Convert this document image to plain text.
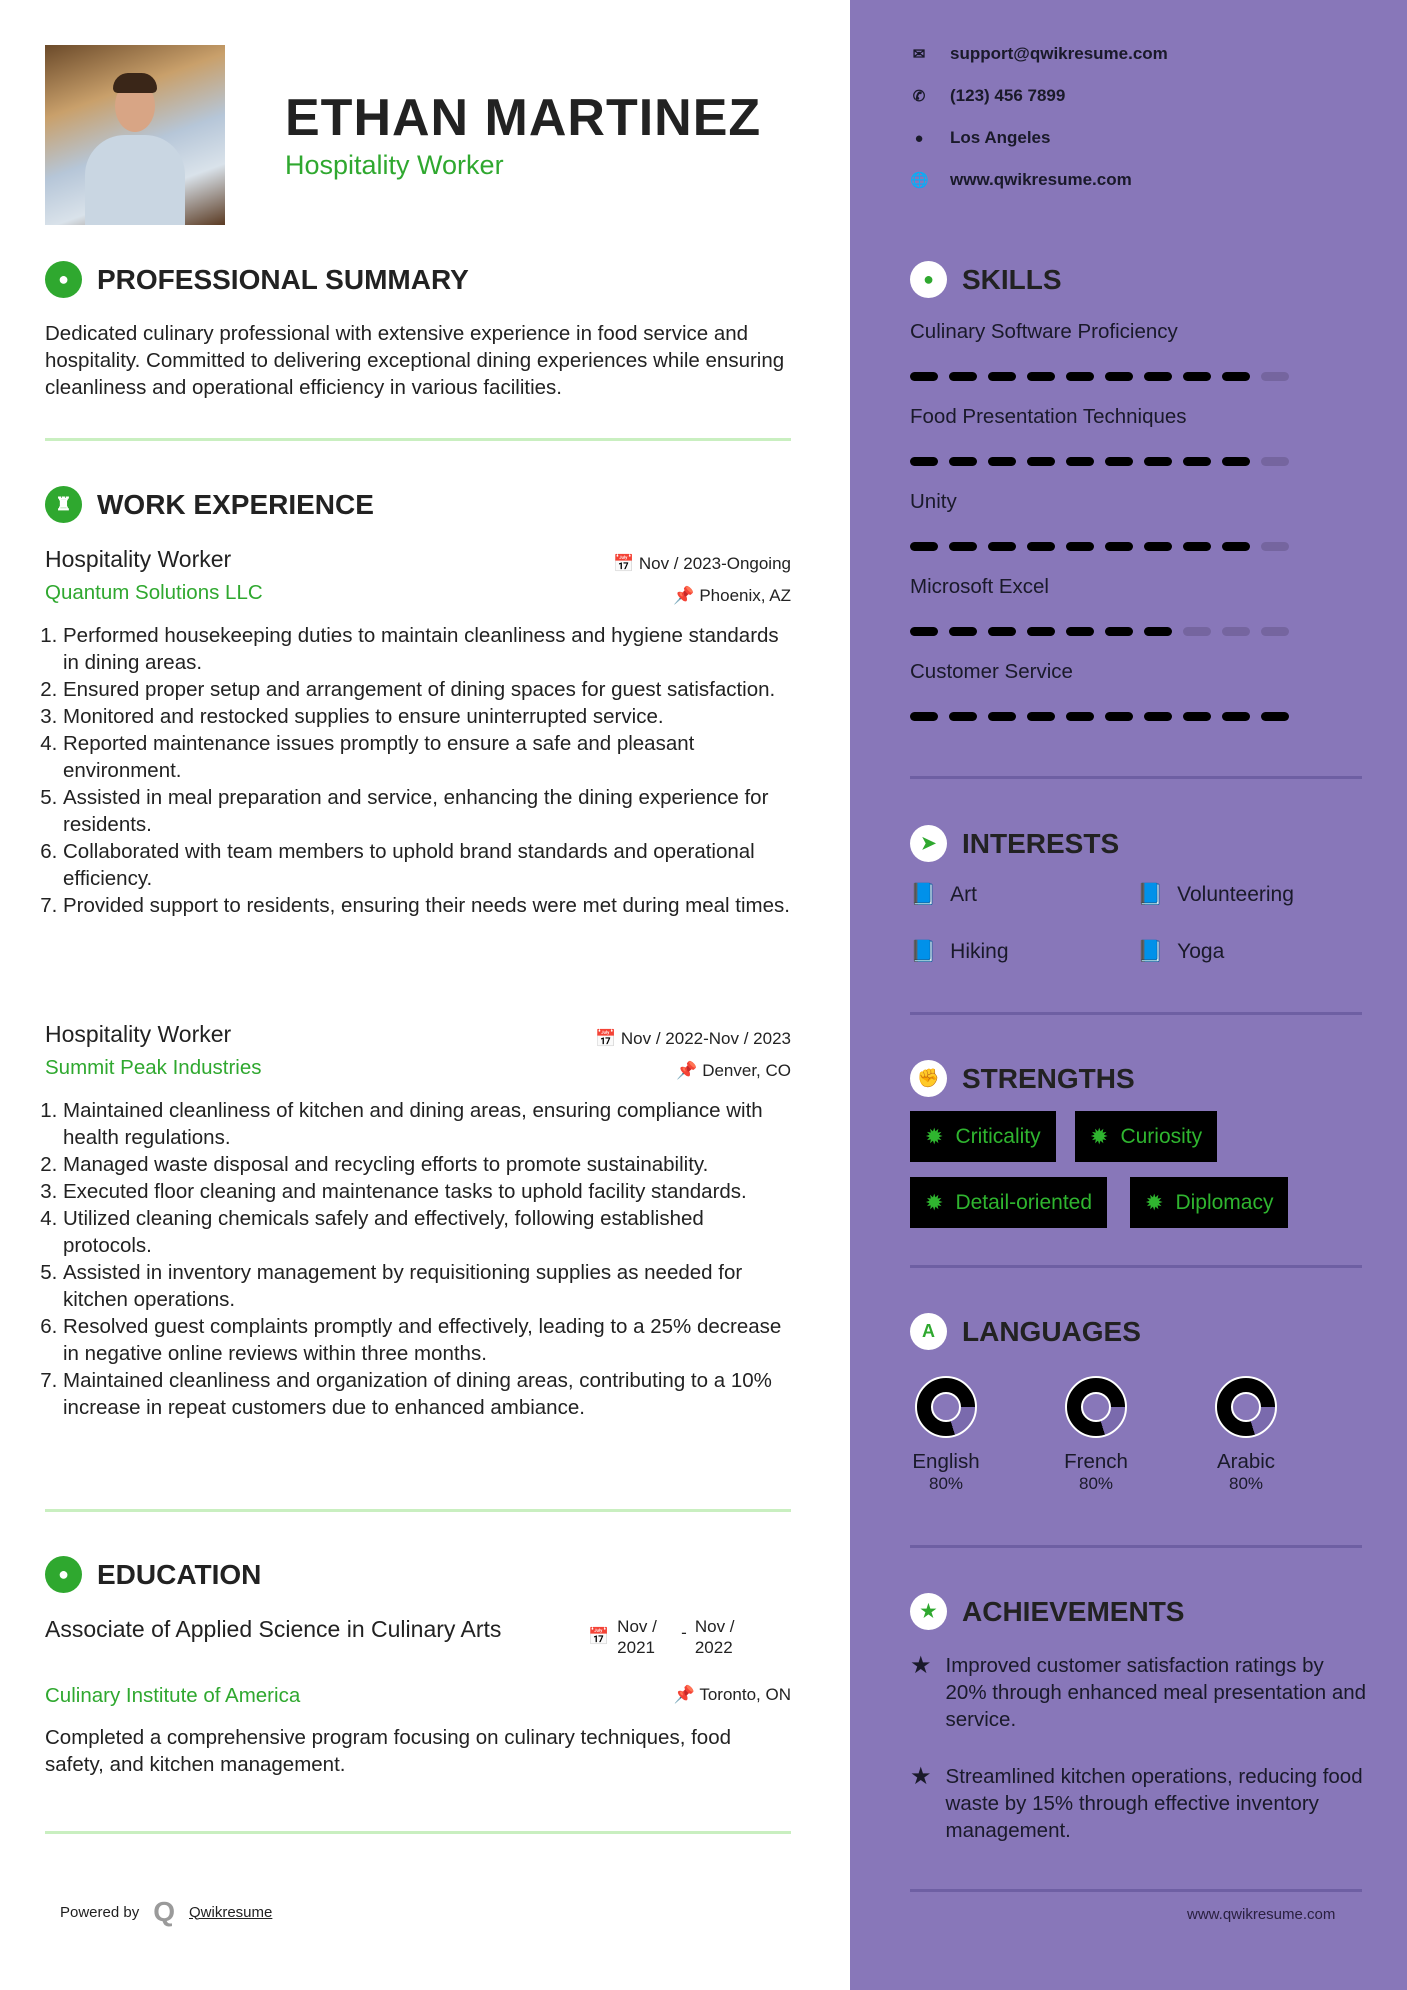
ETHAN MARTINEZ
Hospitality Worker
●	PROFESSIONAL SUMMARY
Dedicated culinary professional with extensive experience in food service and hospitality. Committed to delivering exceptional dining experiences while ensuring cleanliness and operational efficiency in various facilities.
♜ WORK EXPERIENCE
Hospitality Worker	📅 Nov / 2023-Ongoing
Quantum Solutions LLC	📌 Phoenix, AZ
1. Performed housekeeping duties to maintain cleanliness and hygiene standards in dining areas.
2. Ensured proper setup and arrangement of dining spaces for guest satisfaction.
3. Monitored and restocked supplies to ensure uninterrupted service.
4. Reported maintenance issues promptly to ensure a safe and pleasant environment.
5. Assisted in meal preparation and service, enhancing the dining experience for residents.
6. Collaborated with team members to uphold brand standards and operational efficiency.
7. Provided support to residents, ensuring their needs were met during meal times.
Hospitality Worker	📅 Nov / 2022-Nov / 2023
Summit Peak Industries	📌 Denver, CO
1. Maintained cleanliness of kitchen and dining areas, ensuring compliance with health regulations.
2. Managed waste disposal and recycling efforts to promote sustainability.
3. Executed floor cleaning and maintenance tasks to uphold facility standards.
4. Utilized cleaning chemicals safely and effectively, following established protocols.
5. Assisted in inventory management by requisitioning supplies as needed for kitchen operations.
6. Resolved guest complaints promptly and effectively, leading to a 25% decrease in negative online reviews within three months.
7. Maintained cleanliness and organization of dining areas, contributing to a 10% increase in repeat customers due to enhanced ambiance.
●	EDUCATION
Associate of Applied Science in Culinary Arts	📅
Nov / 2021
- Nov / 2022
Culinary Institute of America	📌 Toronto, ON
Completed a comprehensive program focusing on culinary techniques, food safety, and kitchen management.
Powered by Q Qwikresume
✉ support@qwikresume.com
✆ (123) 456 7899
● Los Angeles
🌐 www.qwikresume.com
●	SKILLS
Culinary Software Proficiency
Food Presentation Techniques
Unity
Microsoft Excel
Customer Service
➤ INTERESTS
📘 Art	📘 Volunteering
📘 Hiking	📘 Yoga
✊ STRENGTHS
✹ Criticality ✹ Curiosity
✹ Detail-oriented ✹ Diplomacy
A LANGUAGES
English
80%
French
80%
Arabic
80%
★ ACHIEVEMENTS
★ Improved customer satisfaction ratings by 20% through enhanced meal presentation and service.
★ Streamlined kitchen operations, reducing food waste by 15% through effective inventory management.
www.qwikresume.com
